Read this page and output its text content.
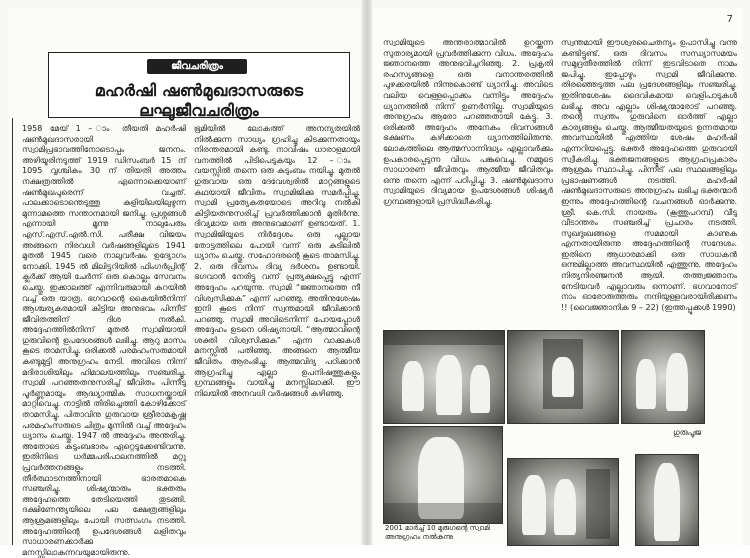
ജീവചരിത്രം
മഹർഷി ഷൺമുഖദാസരുടെ ലഘുജീവചരിത്രം
1958 മേയ് 1 – ാം തീയതി മഹർഷി ഷൺമുഖദാസരായി സ്വാമിപ്രഭാവത്തിനോടൊപ്പം ജനനം. അഴിയൂരിനടുത്ത് 1919 ഡിസംബർ 15 ന് 1095 വൃശ്ചികം 30 ന് തിയതി അത്തം നക്ഷത്രത്തിൽ എന്നൊക്കെയാണ് ഷൺമുഖപുരെന്ന് വച്ചത്. പാലക്കാടൊന്തെടുത്തു കുളിയിലയിലുഴുന്ന മുന്നാമത്തെ സന്താനമായി ജനിച്ചു. പ്രശ്നങ്ങൾ എന്നായി മൂന്നു നാലുപേരും എസ്.എസ്.എൽ.സി. പരീക്ഷ വിജയം അങ്ങനെ നിരവധി വർഷങ്ങളിലൂടെ 1941 മുതൽ 1945 വരെ നാലുവർഷം ഉദ്യോഗം നോക്കി. 1945 ൽ മിലിട്ടറിയിൽ ഫിംഗർപ്രിന്റ് ക്ലർക്ക് ആയി ചേർന്ന് ഒരു കൊല്ലം സേവനം ചെയ്തു. ഇക്കാലത്ത് എന്നിവരുമായി കുറയിൽ വച്ച് ഒരു യാത്ര. ഭഗവാന്റെ കൈയിൽനിന്ന് ആശ്ചര്യകരമായി കിട്ടിയ അനുഭവം പിന്നീട് ജീവിതത്തിന് ദിശ നൽകി. അദ്ദേഹത്തിൽനിന്ന് മുതൽ സ്വാമിയായി ഗുരുവിന്റെ ഉപദേശങ്ങൾ ലഭിച്ചു. ആറു മാസം കൂടെ താമസിച്ചു. ഒരിക്കൽ പരമഹംസരുമായി കണ്ടുമുട്ടി അനുഗ്രഹം നേടി. അവിടെ നിന്ന് മദിരാശിയിലും ഹിമാലയത്തിലും സഞ്ചരിച്ചു. സ്വാമി പറഞ്ഞതനുസരിച്ച് ജീവിതം പിന്നീടു പൂർണ്ണമായും ആദ്ധ്യാത്മിക സാധനയ്ക്കായി മാറ്റിവെച്ചു. നാട്ടിൽ തിരിച്ചെത്തി കോഴിക്കോട് താമസിച്ചു. പിതാവിനു ഗുരുവായ ശ്രീരാമകൃഷ്ണ പരമഹംസരുടെ ചിത്രം മുന്നിൽ വച്ച് അദ്ദേഹം ധ്യാനം ചെയ്തു. 1947 ൽ അദ്ദേഹം അന്തരിച്ചു. അതോടെ കുടുംബഭാരം ഏറ്റെടുക്കേണ്ടിവന്നു. ഇതിനിടെ ധർമ്മപരിപാലനത്തിൽ മറ്റു പ്രവർത്തനങ്ങളും നടത്തി. തീർത്ഥാടനത്തിനായി ഭാരതമാകെ സഞ്ചരിച്ചു. ശിഷ്യന്മാരും ഭക്തരും അദ്ദേഹത്തെ തേടിയെത്തി തുടങ്ങി. ദക്ഷിണേന്ത്യയിലെ പല ക്ഷേത്രങ്ങളിലും ആശ്രമങ്ങളിലും പോയി സത്സംഗം നടത്തി. അദ്ദേഹത്തിന്റെ ഉപദേശങ്ങൾ ലളിതവും സാധാരണക്കാർക്കു മനസ്സിലാകുന്നവയുമായിരുന്നു.
ഭൂമിയിൽ ലോകത്ത് അനന്യതയിൽ നിൽക്കുന്ന സാധ്യം ഗ്രഹിച്ചു കിടക്കുന്നതായും നിരന്തരമായി കണ്ടു. നാവിഷം ധാരാളമായി വനത്തിൽ പിടിപെടുകയും 12 – ാം വയസ്സിൽ തന്നെ ഒരു കുടുംബം നയിച്ചു. മുതൽ ഗുരുവായ ഒരു ദേവേശ്വരിൽ മാറ്റങ്ങളുടെ കഥയായി ജീവിതം സ്വാമിജിക്കു സമർപ്പിച്ചു. സ്വാമി പ്രത്യേകതയോടെ അറിവു നൽകി കിട്ടിയതനുസരിച്ച് പ്രവർത്തിക്കാൻ മുതിർന്നു. ദിവ്യമായ ഒരു അനുഭവമാണ് ഉണ്ടായത്. 1. സ്വാമിജിയുടെ നിർദ്ദേശം ഒരു പുല്ലായ തോട്ടത്തിലെ പോയി വന്ന് ഒരു കുടിലിൽ ധ്യാനം ചെയ്തു. സഹോദരന്റെ കൂടെ താമസിച്ചു. 2. ഒരു ദിവസം ദിവ്യ ദർശനം ഉണ്ടായി. ഭഗവാൻ നേരിട്ടു വന്ന് പ്രത്യക്ഷപ്പെട്ടു എന്ന് അദ്ദേഹം പറയുന്നു. സ്വാമി “ജ്ഞാനത്തെ നീ വിശ്വസിക്കുക” എന്ന് പറഞ്ഞു. അതിനുശേഷം ഇനി കൂടെ നിന്ന് സ്വന്തമായി ജീവിക്കാൻ പറഞ്ഞു. സ്വാമി അവിടെനിന്ന് പോയപ്പോൾ അദ്ദേഹം ഉടനെ ശിഷ്യനായി. “ആത്മാവിന്റെ ശക്തി വിശ്വസിക്കുക” എന്ന വാക്കുകൾ മനസ്സിൽ പതിഞ്ഞു. അങ്ങനെ ആത്മീയ ജീവിതം ആരംഭിച്ചു. ആത്മവിദ്യ പഠിക്കാൻ ആഗ്രഹിച്ചു എല്ലാ ഉപനിഷത്തുകളും ഗ്രന്ഥങ്ങളും വായിച്ചു മനസ്സിലാക്കി. ഈ നിലയിൽ അനവധി വർഷങ്ങൾ കഴിഞ്ഞു.
7
സ്വാമിയുടെ അന്തരാത്മാവിൽ ഉറയ്ക്കുന്ന സുതാര്യമായി പ്രവർത്തിക്കുന്ന വിധം. അദ്ദേഹം ജ്ഞാനത്തെ അനുഭവിച്ചറിഞ്ഞു. 2. പ്രകൃതി രഹസ്യങ്ങളെ ഒരു വനാന്തരത്തിൽ പുഴക്കരയിൽ നിന്നുകൊണ്ട് ധ്യാനിച്ചു. അവിടെ വലിയ വെള്ളപ്പൊക്കം വന്നിട്ടും അദ്ദേഹം ധ്യാനത്തിൽ നിന്ന് ഉണർന്നില്ല. സ്വാമിയുടെ അനുഗ്രഹം ആരോ പറഞ്ഞതായി കേട്ടു. 3. ഒരിക്കൽ അദ്ദേഹം അനേകം ദിവസങ്ങൾ ഭക്ഷണം കഴിക്കാതെ ധ്യാനത്തിലിരുന്നു. ലോകത്തിലെ ആത്മസാന്നിദ്ധ്യം എല്ലാവർക്കും ഉപകാരപ്പെടുന്ന വിധം പങ്കുവെച്ചു. നമ്മുടെ സാധാരണ ജീവിതവും ആത്മീയ ജീവിതവും ഒന്നു തന്നെ എന്ന് പഠിപ്പിച്ചു. 3. ഷൺമുഖദാസ സ്വാമിയുടെ ദിവ്യമായ ഉപദേശങ്ങൾ ശിഷ്യർ ഗ്രന്ഥങ്ങളായി പ്രസിദ്ധീകരിച്ചു.
സ്വന്തമായി ഈശ്വരചൈതന്യം ഉപാസിച്ചു വന്നു കണ്ടിട്ടുണ്ട്. ഒരു ദിവസം സന്ധ്യാസമയം സമുദ്രതീരത്തിൽ നിന്ന് ഇടവിടാതെ നാമം ജപിച്ചു. ഇപ്പോഴും സ്വാമി ജീവിക്കുന്നു. തിരഞ്ഞെടുത്ത പല പ്രദേശങ്ങളിലും സഞ്ചരിച്ചു. ഇതിനുശേഷം ദൈവികമായ വെളിപാടുകൾ ലഭിച്ചു. അവ എല്ലാം ശിഷ്യന്മാരോട് പറഞ്ഞു. തന്റെ സ്വന്തം ഗുരുവിനെ ഓർത്ത് എല്ലാ കാര്യങ്ങളും ചെയ്തു. ആത്മീയതയുടെ ഉന്നതമായ അവസ്ഥയിൽ എത്തിയ ശേഷം മഹർഷി എന്നറിയപ്പെട്ടു. ഭക്തർ അദ്ദേഹത്തെ ഗുരുവായി സ്വീകരിച്ചു. ഭക്തജനങ്ങളുടെ ആഗ്രഹപ്രകാരം ആശ്രമം സ്ഥാപിച്ചു. പിന്നീട് പല സ്ഥലങ്ങളിലും പ്രഭാഷണങ്ങൾ നടത്തി. മഹർഷി ഷൺമുഖദാസരുടെ അനുഗ്രഹം ലഭിച്ച ഭക്തന്മാർ ഇന്നും അദ്ദേഹത്തിന്റെ വചനങ്ങൾ ഓർക്കുന്നു. ശ്രീ. കെ.സി. നായരും (കൂത്തുപറമ്പ്) വീടു വീടാന്തരം സഞ്ചരിച്ച് പ്രചാരം നടത്തി. സുഖദുഃഖങ്ങളെ സമമായി കാണുക എന്നതായിരുന്നു അദ്ദേഹത്തിന്റെ സന്ദേശം. ഇതിനെ ആധാരമാക്കി ഒരു സാധകൻ ഒന്നുമില്ലാത്ത അവസ്ഥയിൽ എത്തുന്നു. അദ്ദേഹം നിത്യനിരഞ്ജനൻ ആയി. തത്ത്വജ്ഞാനം നേടിയവർ എല്ലാവരും ഒന്നാണ്. ഭഗവാനോട് നാം ഓരോരുത്തരും നന്ദിയുള്ളവരായിരിക്കണം !! (വൈജ്ഞാനിക 9 – 22) (ഇത്തപ്പൂക്കൾ 1990)
ഗുരുപൂജ
2001 മാർച്ച് 10 മുരുഗന്റെ സ്വാമി അനുഗ്രഹം നൽകുന്നു
